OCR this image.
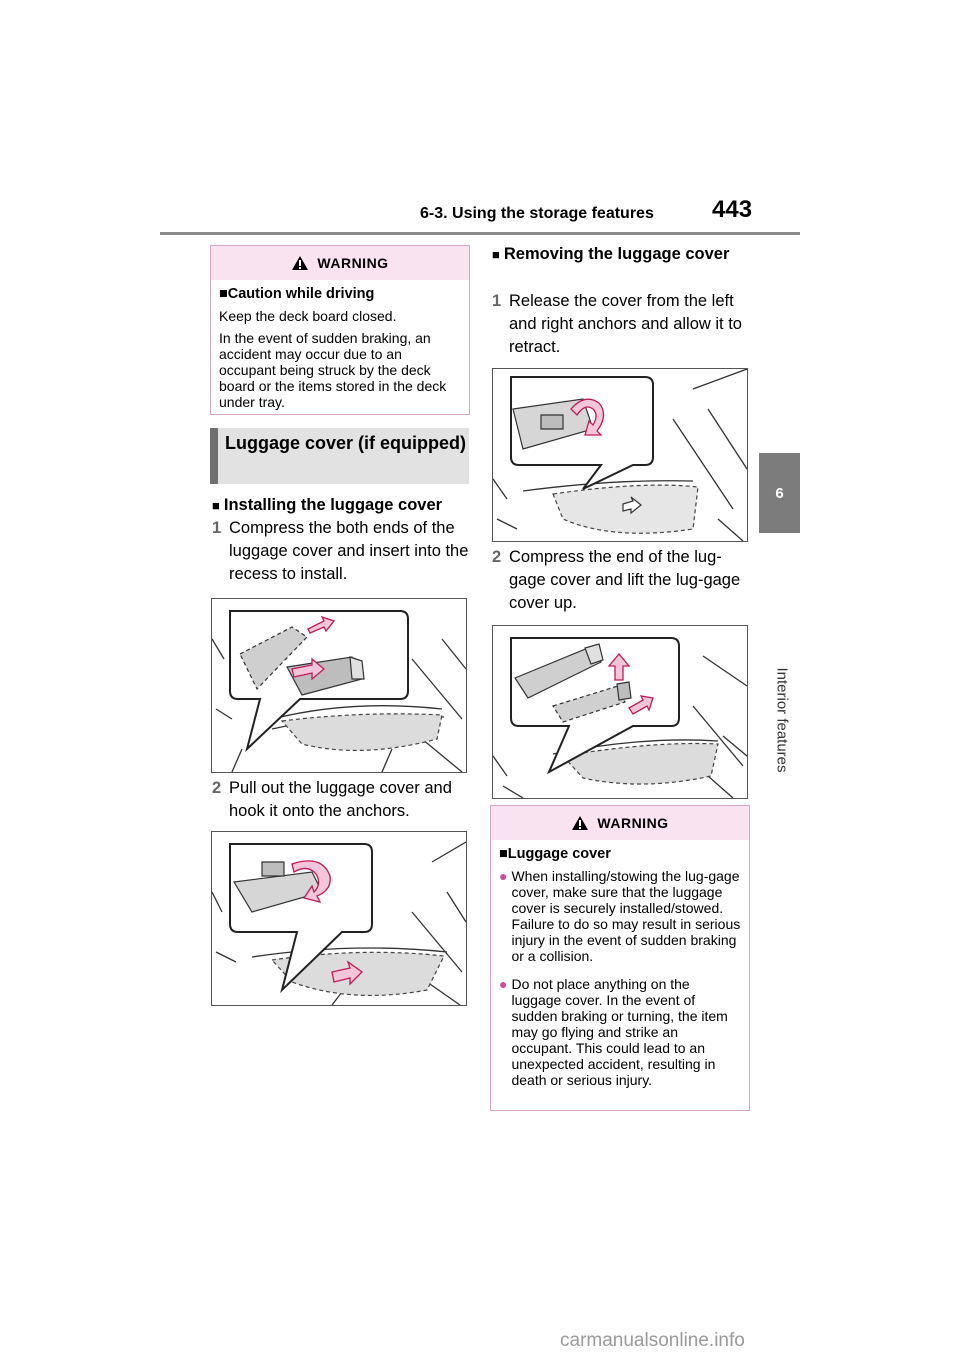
6-3. Using the storage features 443
6
Interior features
WARNING
■Caution while driving

Keep the deck board closed.

In the event of sudden braking, an accident may occur due to an occupant being struck by the deck board or the items stored in the deck under tray.

Luggage cover (if equipped)
■ Installing the luggage cover
1 Compress the both ends of the luggage cover and insert into the recess to install.
2 Pull out the luggage cover and hook it onto the anchors.
■ Removing the luggage cover
1 Release the cover from the left and right anchors and allow it to retract.
2 Compress the end of the lug-gage cover and lift the lug-gage cover up.
WARNING
■Luggage cover
● When installing/stowing the lug-gage cover, make sure that the luggage cover is securely installed/stowed. Failure to do so may result in serious injury in the event of sudden braking or a collision.
● Do not place anything on the luggage cover. In the event of sudden braking or turning, the item may go flying and strike an occupant. This could lead to an unexpected accident, resulting in death or serious injury.
carmanualsonline.info
